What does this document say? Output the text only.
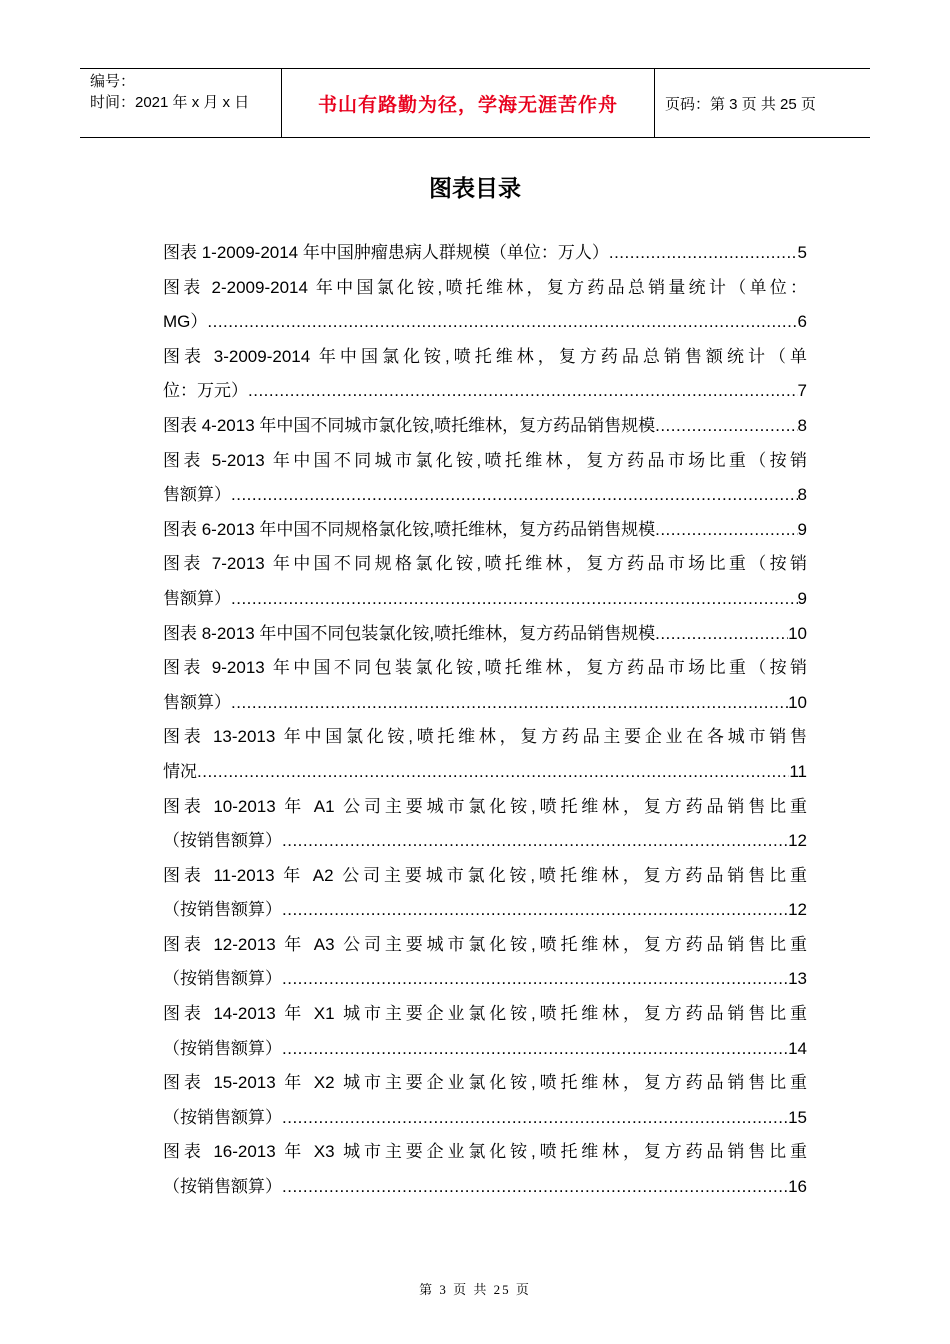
编号：
时间：2021 年 x 月 x 日	书山有路勤为径，学海无涯苦作舟	页码：第 3 页 共 25 页
图表目录
图表 1-2009-2014 年中国肿瘤患病人群规模（单位：万人） .....	5
图表 2-2009-2014 年中国氯化铵,喷托维林，复方药品总销量统计（单位：
MG） .....	6
图表 3-2009-2014 年中国氯化铵,喷托维林，复方药品总销售额统计（单
位：万元） .....	7
图表 4-2013 年中国不同城市氯化铵,喷托维林，复方药品销售规模 .....	8
图表 5-2013 年中国不同城市氯化铵,喷托维林，复方药品市场比重（按销
售额算） .....	8
图表 6-2013 年中国不同规格氯化铵,喷托维林，复方药品销售规模 .....	9
图表 7-2013 年中国不同规格氯化铵,喷托维林，复方药品市场比重（按销
售额算） .....	9
图表 8-2013 年中国不同包装氯化铵,喷托维林，复方药品销售规模 .....	10
图表 9-2013 年中国不同包装氯化铵,喷托维林，复方药品市场比重（按销
售额算） .....	10
图表 13-2013 年中国氯化铵,喷托维林，复方药品主要企业在各城市销售
情况 .....	11
图表 10-2013 年 A1 公司主要城市氯化铵,喷托维林，复方药品销售比重
（按销售额算） .....	12
图表 11-2013 年 A2 公司主要城市氯化铵,喷托维林，复方药品销售比重
（按销售额算） .....	12
图表 12-2013 年 A3 公司主要城市氯化铵,喷托维林，复方药品销售比重
（按销售额算） .....	13
图表 14-2013 年 X1 城市主要企业氯化铵,喷托维林，复方药品销售比重
（按销售额算） .....	14
图表 15-2013 年 X2 城市主要企业氯化铵,喷托维林，复方药品销售比重
（按销售额算） .....	15
图表 16-2013 年 X3 城市主要企业氯化铵,喷托维林，复方药品销售比重
（按销售额算） .....	16
第 3 页 共 25 页
